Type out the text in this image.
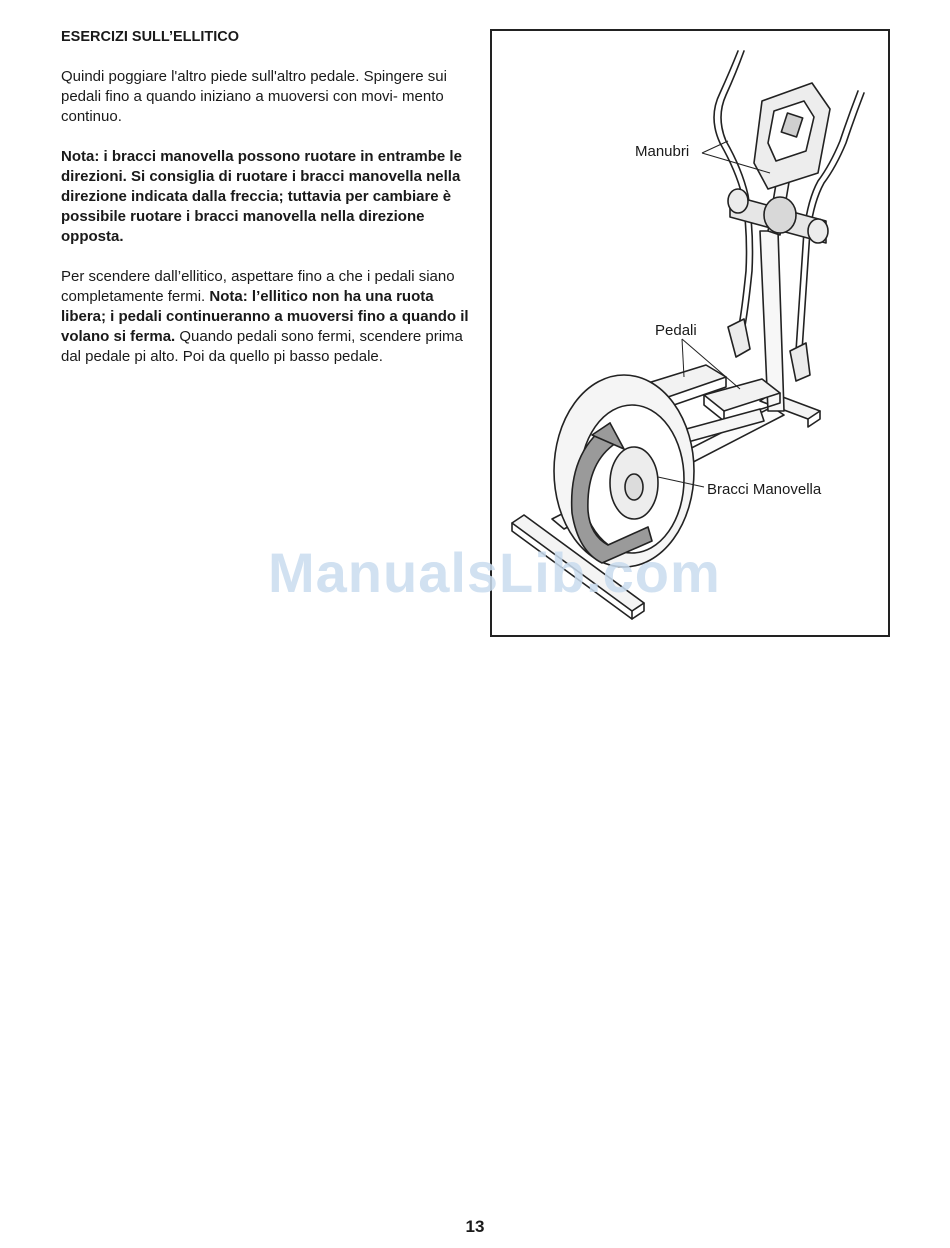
ESERCIZI SULL’ELLITICO

Quindi poggiare l'altro piede sull'altro pedale. Spingere sui pedali fino a quando iniziano a muoversi con movi- mento continuo.

Nota: i bracci manovella possono ruotare in entrambe le direzioni. Si consiglia di ruotare i bracci manovella nella direzione indicata dalla freccia; tuttavia per cambiare è possibile ruotare i bracci manovella nella direzione opposta.

Per scendere dall’ellitico, aspettare fino a che i pedali siano completamente fermi. Nota: l’ellitico non ha una ruota libera; i pedali continueranno a muoversi fino a quando il volano si ferma. Quando pedali sono fermi, scendere prima dal pedale pi alto. Poi da quello pi basso pedale.

Manubri
Pedali
Bracci Manovella
ManualsLib.com
13
